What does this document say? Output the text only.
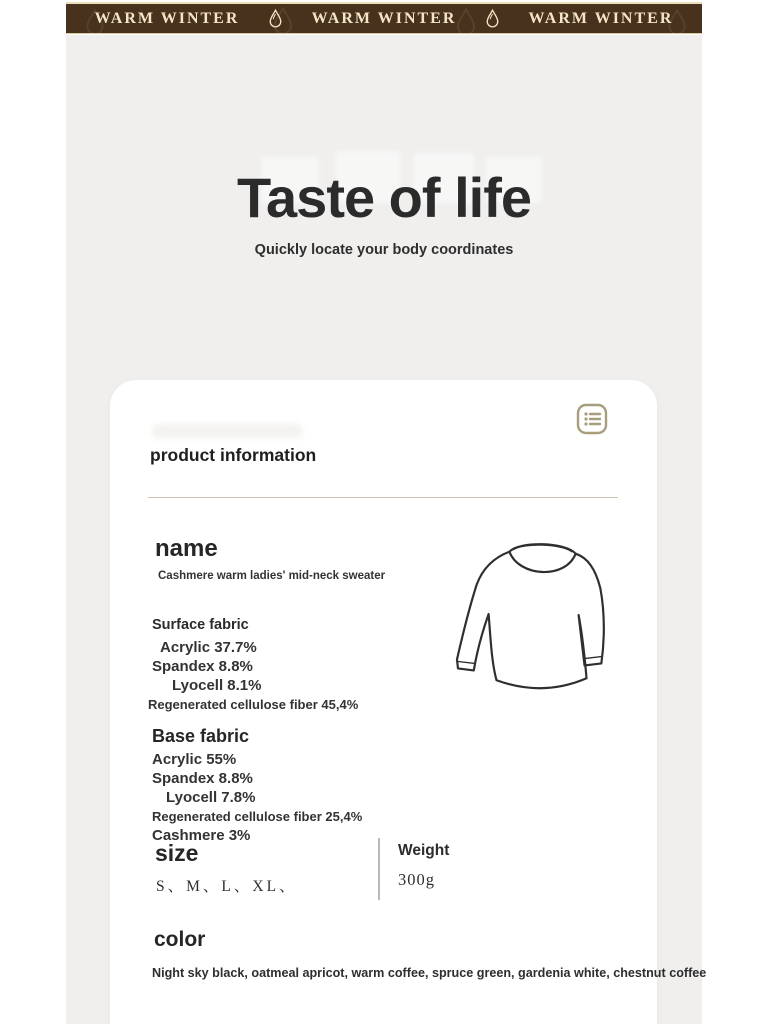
WARM WINTER	WARM WINTER	WARM WINTER
Taste of life
Quickly locate your body coordinates
product information
name
Cashmere warm ladies' mid-neck sweater
Surface fabric
Acrylic 37.7%
Spandex 8.8%
Lyocell 8.1%
Regenerated cellulose fiber 45,4%
Base fabric
Acrylic 55%
Spandex 8.8%
Lyocell 7.8%
Regenerated cellulose fiber 25,4%
Cashmere 3%
size
S、M、L、XL、
Weight
300g
color
Night sky black, oatmeal apricot, warm coffee, spruce green, gardenia white, chestnut coffee
